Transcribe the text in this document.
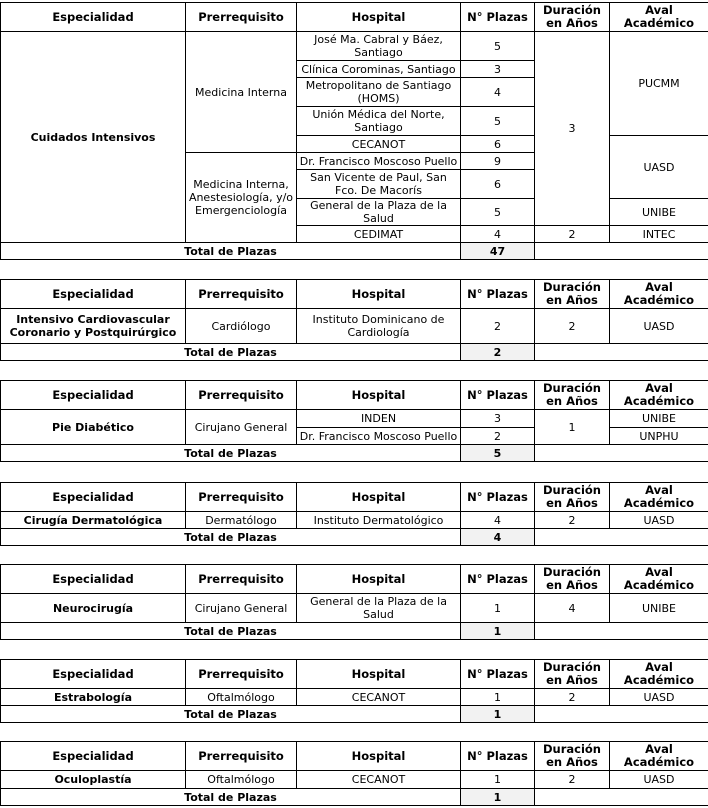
Especialidad	Prerrequisito	Hospital	N° Plazas	Duración en Años	Aval Académico
Cuidados Intensivos	Medicina Interna	José Ma. Cabral y Báez, Santiago	5	3	PUCMM
		Clínica Corominas, Santiago	3		
		Metropolitano de Santiago (HOMS)	4		
		Unión Médica del Norte, Santiago	5		
		CECANOT	6		UASD
	Medicina Interna, Anestesiología, y/o Emergenciología	Dr. Francisco Moscoso Puello	9		
		San Vicente de Paul, San Fco. De Macorís	6		
		General de la Plaza de la Salud	5		UNIBE
		CEDIMAT	4	2	INTEC
Total de Plazas			47		
Especialidad	Prerrequisito	Hospital	N° Plazas	Duración en Años	Aval Académico
Intensivo Cardiovascular Coronario y Postquirúrgico	Cardiólogo	Instituto Dominicano de Cardiología	2	2	UASD
Total de Plazas			2		
Especialidad	Prerrequisito	Hospital	N° Plazas	Duración en Años	Aval Académico
Pie Diabético	Cirujano General	INDEN	3	1	UNIBE
		Dr. Francisco Moscoso Puello	2		UNPHU
Total de Plazas			5		
Especialidad	Prerrequisito	Hospital	N° Plazas	Duración en Años	Aval Académico
Cirugía Dermatológica	Dermatólogo	Instituto Dermatológico	4	2	UASD
Total de Plazas			4		
Especialidad	Prerrequisito	Hospital	N° Plazas	Duración en Años	Aval Académico
Neurocirugía	Cirujano General	General de la Plaza de la Salud	1	4	UNIBE
Total de Plazas			1		
Especialidad	Prerrequisito	Hospital	N° Plazas	Duración en Años	Aval Académico
Estrabología	Oftalmólogo	CECANOT	1	2	UASD
Total de Plazas			1		
Especialidad	Prerrequisito	Hospital	N° Plazas	Duración en Años	Aval Académico
Oculoplastía	Oftalmólogo	CECANOT	1	2	UASD
Total de Plazas			1		
